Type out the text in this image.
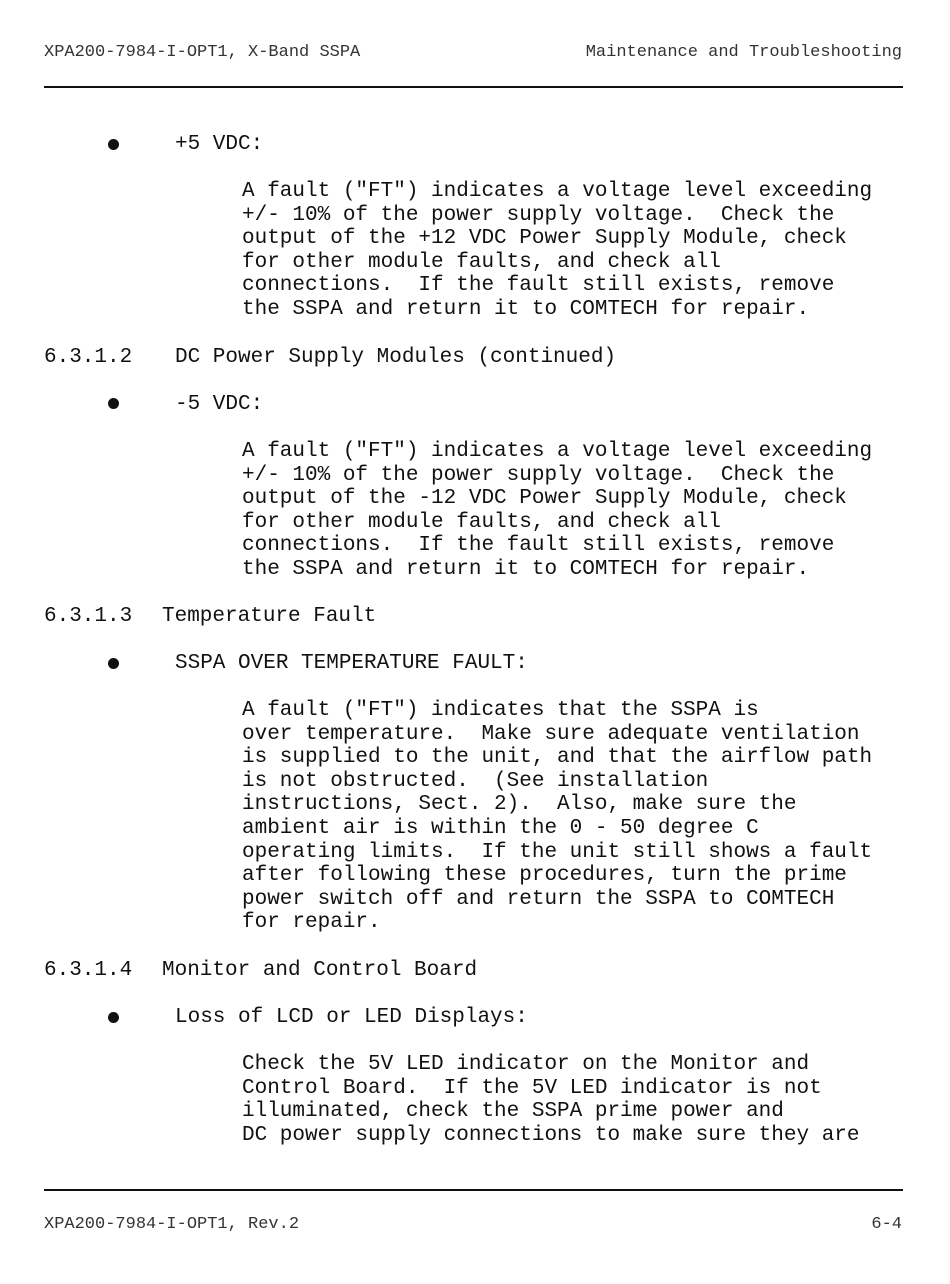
XPA200-7984-I-OPT1, X-Band SSPA	Maintenance and Troubleshooting
+5 VDC:
A fault ("FT") indicates a voltage level exceeding
+/- 10% of the power supply voltage.  Check the
output of the +12 VDC Power Supply Module, check
for other module faults, and check all
connections.  If the fault still exists, remove
the SSPA and return it to COMTECH for repair.
6.3.1.2 DC Power Supply Modules (continued)
-5 VDC:
A fault ("FT") indicates a voltage level exceeding
+/- 10% of the power supply voltage.  Check the
output of the -12 VDC Power Supply Module, check
for other module faults, and check all
connections.  If the fault still exists, remove
the SSPA and return it to COMTECH for repair.
6.3.1.3 Temperature Fault
SSPA OVER TEMPERATURE FAULT:
A fault ("FT") indicates that the SSPA is
over temperature.  Make sure adequate ventilation
is supplied to the unit, and that the airflow path
is not obstructed.  (See installation
instructions, Sect. 2).  Also, make sure the
ambient air is within the 0 - 50 degree C
operating limits.  If the unit still shows a fault
after following these procedures, turn the prime
power switch off and return the SSPA to COMTECH
for repair.
6.3.1.4 Monitor and Control Board
Loss of LCD or LED Displays:
Check the 5V LED indicator on the Monitor and
Control Board.  If the 5V LED indicator is not
illuminated, check the SSPA prime power and
DC power supply connections to make sure they are
XPA200-7984-I-OPT1, Rev.2	6-4
